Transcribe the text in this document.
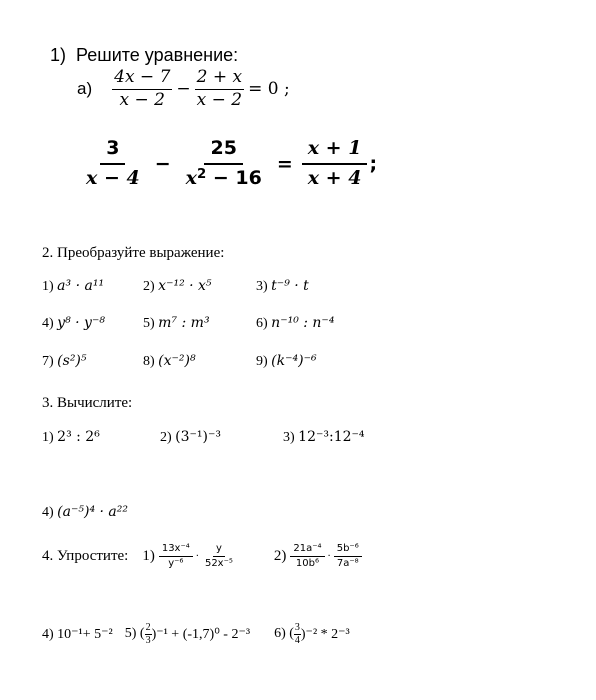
1) Решите уравнение:
$а) \frac{4x - 7}{x - 2} - \frac{2 + x}{x - 2} = 0$ ;
$\frac{3}{x - 4} - \frac{25}{x^2 - 16} = \frac{x + 1}{x + 4}$ ;
2. Преобразуйте выражение:
1) a³ · a¹¹	2) x⁻¹² · x⁵	3) t⁻⁹ · t
4) y⁸ · y⁻⁸	5) m⁷ : m³	6) n⁻¹⁰ : n⁻⁴
7) (s²)⁵	8) (x⁻²)⁸	9) (k⁻⁴)⁻⁶
3. Вычислите:
1) 2³ : 2⁶	2) (3⁻¹)⁻³	3) 12⁻³:12⁻⁴
4) (a⁻⁵)⁴ · a²²
4. Упростите: $1) \frac{\text{13x⁻⁴}}{\text{y⁻⁶}} \cdot \frac{y}{\text{52x⁻⁵}}$	$2) \frac{\text{21a⁻⁴}}{\text{10b⁶}} \cdot \frac{\text{5b⁻⁶}}{\text{7a⁻⁸}}$
4) 10⁻¹+ 5⁻² 5) ( $\frac{2}{3} )^{-1} + (-1,7)^0 - 2^{-3}$ 6) ( $\frac{3}{4} )^{-2} * 2^{-3}$
